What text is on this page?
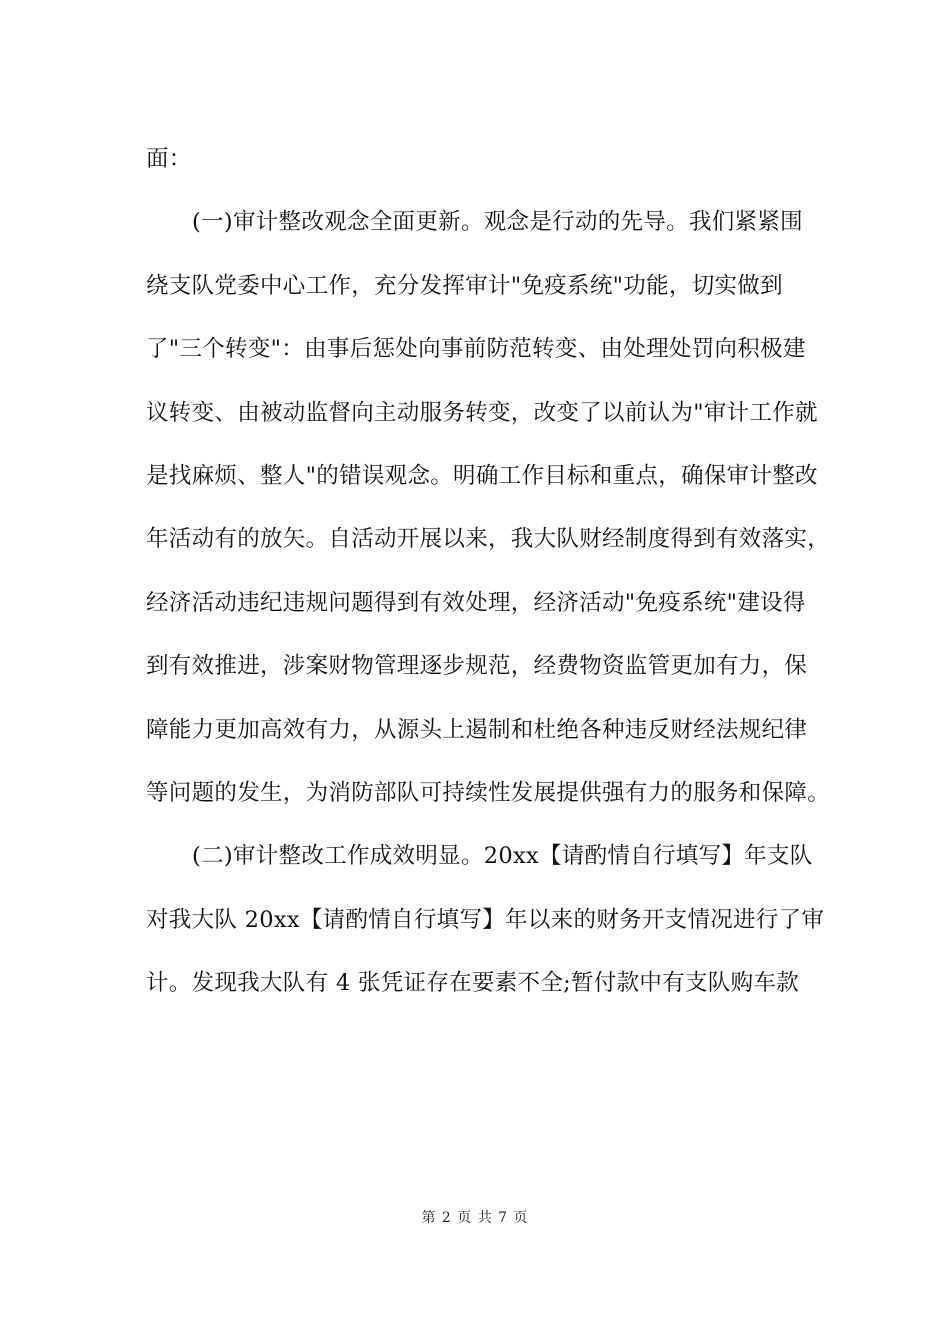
面：
(一)审计整改观念全面更新。观念是行动的先导。我们紧紧围
绕支队党委中心工作，充分发挥审计"免疫系统"功能，切实做到
了"三个转变"：由事后惩处向事前防范转变、由处理处罚向积极建
议转变、由被动监督向主动服务转变，改变了以前认为"审计工作就
是找麻烦、整人"的错误观念。明确工作目标和重点，确保审计整改
年活动有的放矢。自活动开展以来，我大队财经制度得到有效落实，
经济活动违纪违规问题得到有效处理，经济活动"免疫系统"建设得
到有效推进，涉案财物管理逐步规范，经费物资监管更加有力，保
障能力更加高效有力，从源头上遏制和杜绝各种违反财经法规纪律
等问题的发生，为消防部队可持续性发展提供强有力的服务和保障。
(二)审计整改工作成效明显。20xx【请酌情自行填写】年支队
对我大队 20xx【请酌情自行填写】年以来的财务开支情况进行了审
计。发现我大队有 4 张凭证存在要素不全;暂付款中有支队购车款
第 2 页 共 7 页
